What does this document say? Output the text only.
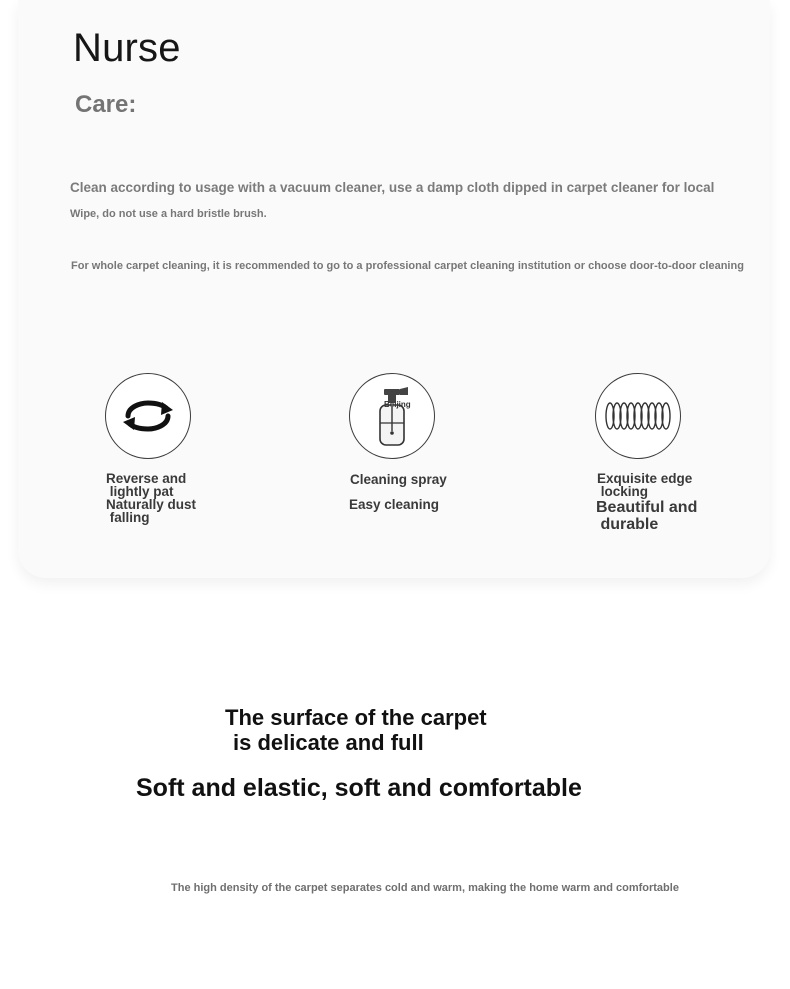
Nurse
Care:

Clean according to usage with a vacuum cleaner, use a damp cloth dipped in carpet cleaner for local

Wipe, do not use a hard bristle brush.

For whole carpet cleaning, it is recommended to go to a professional carpet cleaning institution or choose door-to-door cleaning

Reverse and

lightly pat

Naturally dust

falling

Beijing

Cleaning spray

Easy cleaning

Exquisite edge

locking

Beautiful and

durable

The surface of the carpet
is delicate and full
Soft and elastic, soft and comfortable

The high density of the carpet separates cold and warm, making the home warm and comfortable
